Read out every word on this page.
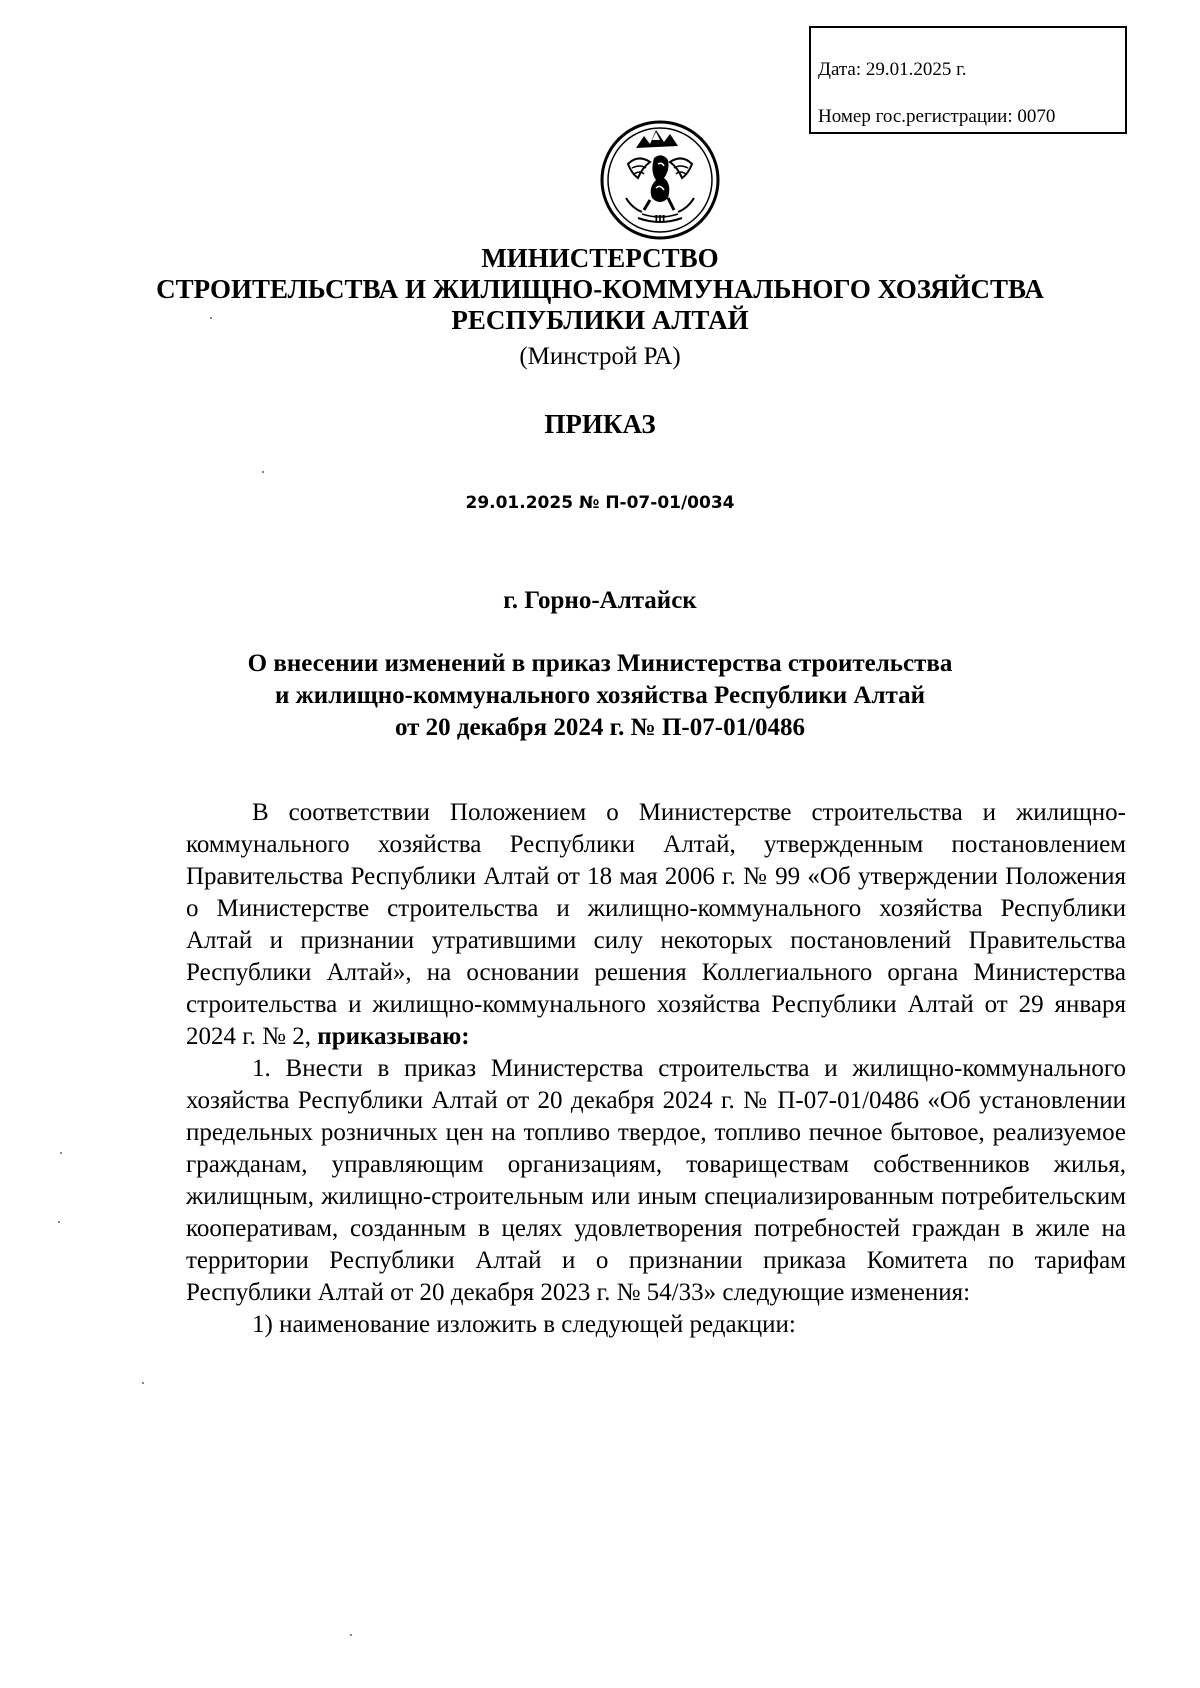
Дата: 29.01.2025 г.
Номер гос.регистрации: 0070
Ш
МИНИСТЕРСТВО
СТРОИТЕЛЬСТВА И ЖИЛИЩНО-КОММУНАЛЬНОГО ХОЗЯЙСТВА
РЕСПУБЛИКИ АЛТАЙ
(Минстрой РА)
ПРИКАЗ
29.01.2025 № П-07-01/0034
г. Горно-Алтайск
О внесении изменений в приказ Министерства строительства
и жилищно-коммунального хозяйства Республики Алтай
от 20 декабря 2024 г. № П-07-01/0486

В соответствии Положением о Министерстве строительства и жилищно-коммунального хозяйства Республики Алтай, утвержденным постановлением Правительства Республики Алтай от 18 мая 2006 г. № 99 «Об утверждении Положения о Министерстве строительства и жилищно-коммунального хозяйства Республики Алтай и признании утратившими силу некоторых постановлений Правительства Республики Алтай», на основании решения Коллегиального органа Министерства строительства и жилищно-коммунального хозяйства Республики Алтай от 29 января 2024 г. № 2, приказываю:

1. Внести в приказ Министерства строительства и жилищно-коммунального хозяйства Республики Алтай от 20 декабря 2024 г. № П-07-01/0486 «Об установлении предельных розничных цен на топливо твердое, топливо печное бытовое, реализуемое гражданам, управляющим организациям, товариществам собственников жилья, жилищным, жилищно-строительным или иным специализированным потребительским кооперативам, созданным в целях удовлетворения потребностей граждан в жиле на территории Республики Алтай и о признании приказа Комитета по тарифам Республики Алтай от 20 декабря 2023 г. № 54/33» следующие изменения:

1) наименование изложить в следующей редакции:
